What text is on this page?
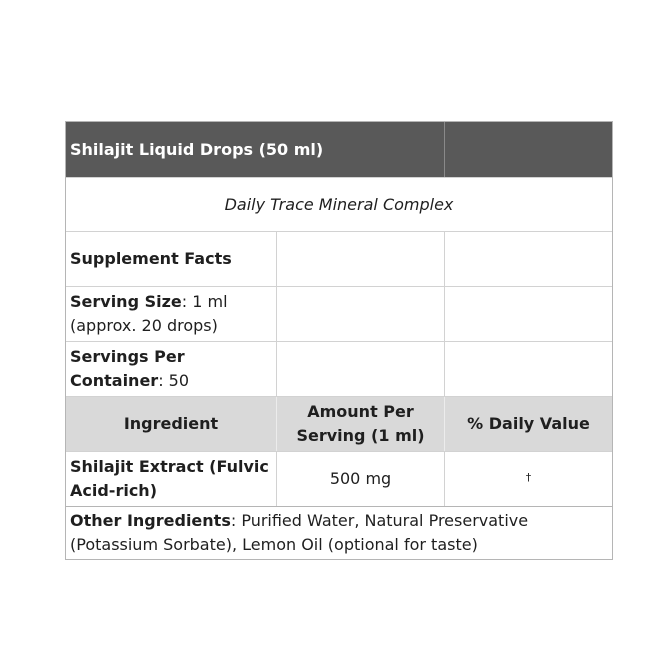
Shilajit Liquid Drops (50 ml)
Daily Trace Mineral Complex
Supplement Facts
Serving Size: 1 ml (approx. 20 drops)
Servings Per Container: 50
Ingredient
Amount Per Serving (1 ml)
% Daily Value
Shilajit Extract (Fulvic Acid-rich)
500 mg	†
Other Ingredients: Purified Water, Natural Preservative (Potassium Sorbate), Lemon Oil (optional for taste)
